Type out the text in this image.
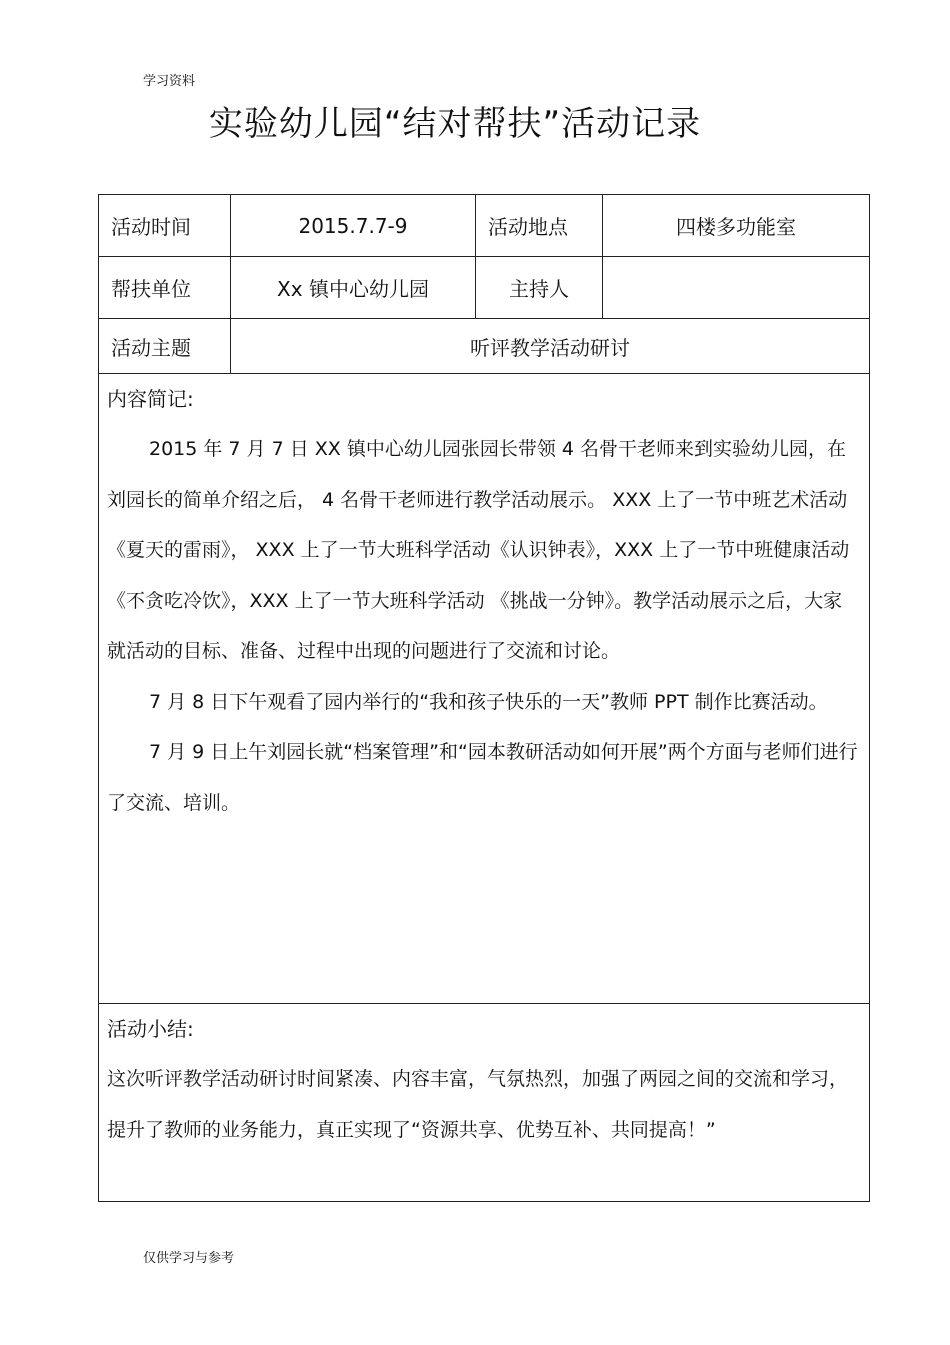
学习资料
实验幼儿园“结对帮扶”活动记录
活动时间	2015.7.7-9	活动地点	四楼多功能室
帮扶单位	Xx 镇中心幼儿园	主持人	
活动主题	听评教学活动研讨		

内容简记:

2015 年 7 月 7 日 XX 镇中心幼儿园张园长带领 4 名骨干老师来到实验幼儿园，在刘园长的简单介绍之后， 4 名骨干老师进行教学活动展示。 XXX 上了一节中班艺术活动《夏天的雷雨》， XXX 上了一节大班科学活动《认识钟表》，XXX 上了一节中班健康活动 《不贪吃冷饮》，XXX 上了一节大班科学活动 《挑战一分钟》。教学活动展示之后，大家就活动的目标、准备、过程中出现的问题进行了交流和讨论。

7 月 8 日下午观看了园内举行的“我和孩子快乐的一天”教师 PPT 制作比赛活动。

7 月 9 日上午刘园长就“档案管理”和“园本教研活动如何开展”两个方面与老师们进行了交流、培训。			

活动小结:

这次听评教学活动研讨时间紧凑、内容丰富，气氛热烈，加强了两园之间的交流和学习，提升了教师的业务能力，真正实现了“资源共享、优势互补、共同提高！”			

仅供学习与参考
